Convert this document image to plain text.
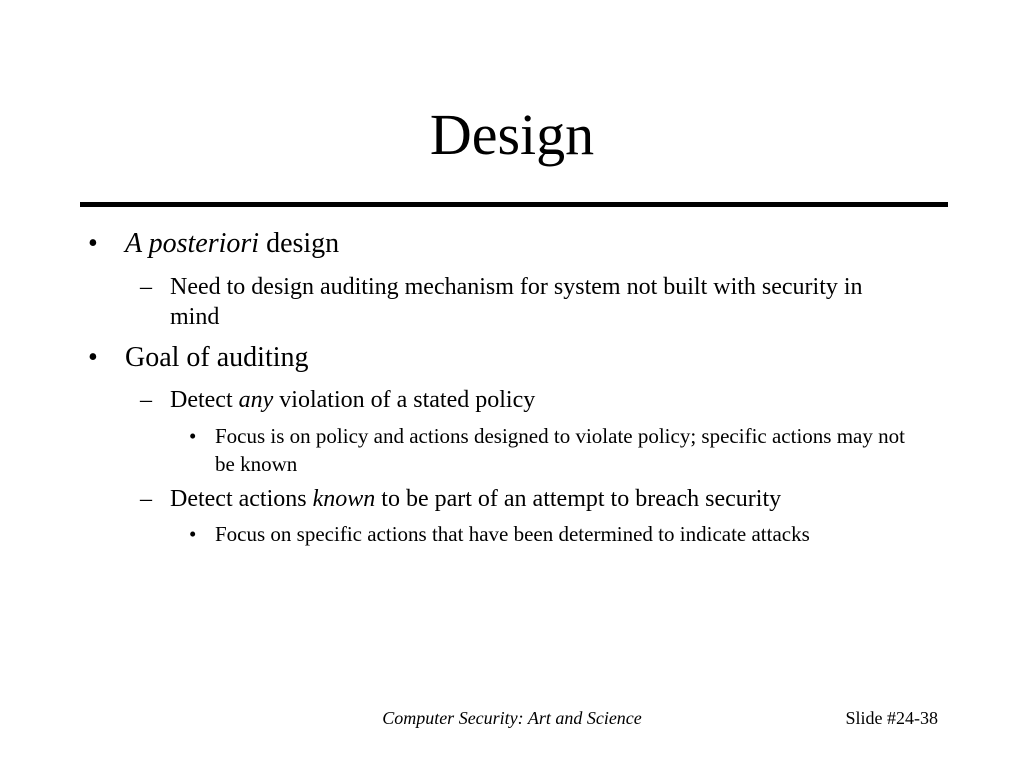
Design
• A posteriori design
– Need to design auditing mechanism for system not built with security in mind
• Goal of auditing
– Detect any violation of a stated policy
• Focus is on policy and actions designed to violate policy; specific actions may not be known
– Detect actions known to be part of an attempt to breach security
• Focus on specific actions that have been determined to indicate attacks
Computer Security: Art and Science	Slide #24-38
